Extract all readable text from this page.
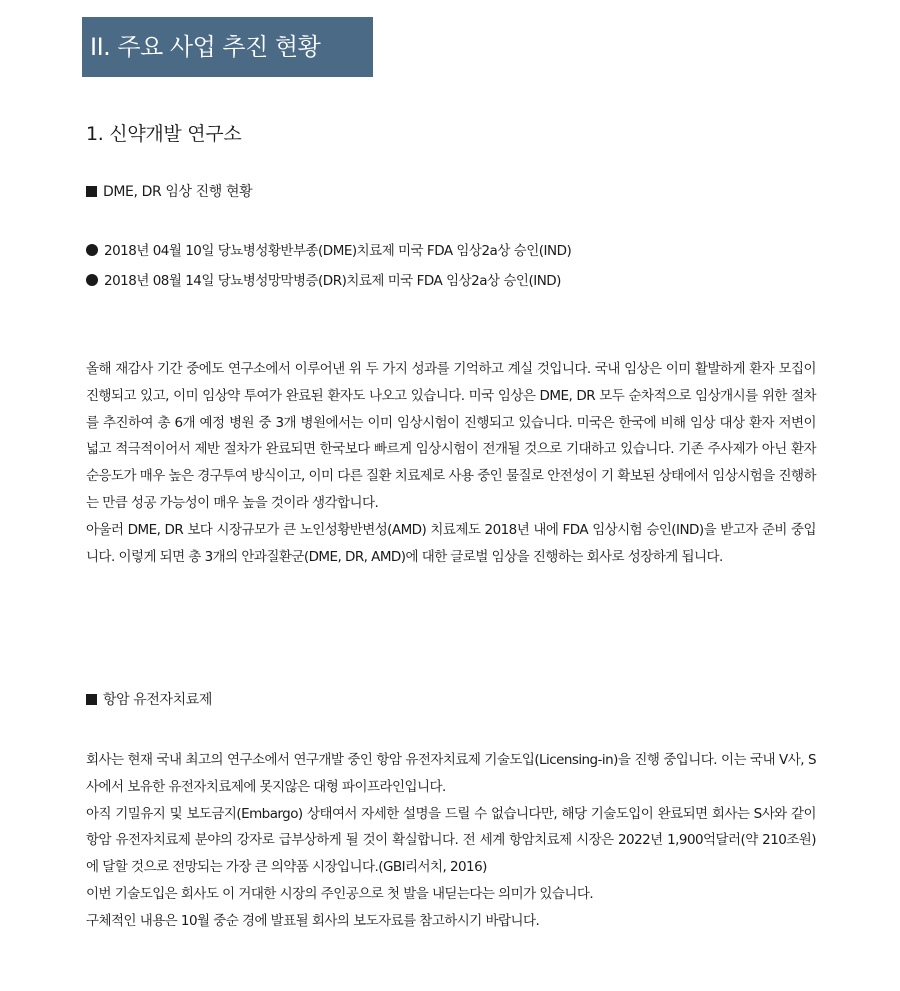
II. 주요 사업 추진 현황
1. 신약개발 연구소
DME, DR 임상 진행 현황
2018년 04월 10일 당뇨병성황반부종(DME)치료제 미국 FDA 임상2a상 승인(IND)
2018년 08월 14일 당뇨병성망막병증(DR)치료제 미국 FDA 임상2a상 승인(IND)

올해 재감사 기간 중에도 연구소에서 이루어낸 위 두 가지 성과를 기억하고 계실 것입니다. 국내 임상은 이미 활발하게 환자 모집이 진행되고 있고, 이미 임상약 투여가 완료된 환자도 나오고 있습니다. 미국 임상은 DME, DR 모두 순차적으로 임상개시를 위한 절차를 추진하여 총 6개 예정 병원 중 3개 병원에서는 이미 임상시험이 진행되고 있습니다. 미국은 한국에 비해 임상 대상 환자 저변이 넓고 적극적이어서 제반 절차가 완료되면 한국보다 빠르게 임상시험이 전개될 것으로 기대하고 있습니다. 기존 주사제가 아닌 환자 순응도가 매우 높은 경구투여 방식이고, 이미 다른 질환 치료제로 사용 중인 물질로 안전성이 기 확보된 상태에서 임상시험을 진행하는 만큼 성공 가능성이 매우 높을 것이라 생각합니다.

아울러 DME, DR 보다 시장규모가 큰 노인성황반변성(AMD) 치료제도 2018년 내에 FDA 임상시험 승인(IND)을 받고자 준비 중입니다. 이렇게 되면 총 3개의 안과질환군(DME, DR, AMD)에 대한 글로벌 임상을 진행하는 회사로 성장하게 됩니다.

항암 유전자치료제

회사는 현재 국내 최고의 연구소에서 연구개발 중인 항암 유전자치료제 기술도입(Licensing-in)을 진행 중입니다. 이는 국내 V사, S사에서 보유한 유전자치료제에 못지않은 대형 파이프라인입니다.

아직 기밀유지 및 보도금지(Embargo) 상태여서 자세한 설명을 드릴 수 없습니다만, 해당 기술도입이 완료되면 회사는 S사와 같이 항암 유전자치료제 분야의 강자로 급부상하게 될 것이 확실합니다. 전 세계 항암치료제 시장은 2022년 1,900억달러(약 210조원)에 달할 것으로 전망되는 가장 큰 의약품 시장입니다.(GBI리서치, 2016)

이번 기술도입은 회사도 이 거대한 시장의 주인공으로 첫 발을 내딛는다는 의미가 있습니다.

구체적인 내용은 10월 중순 경에 발표될 회사의 보도자료를 참고하시기 바랍니다.
